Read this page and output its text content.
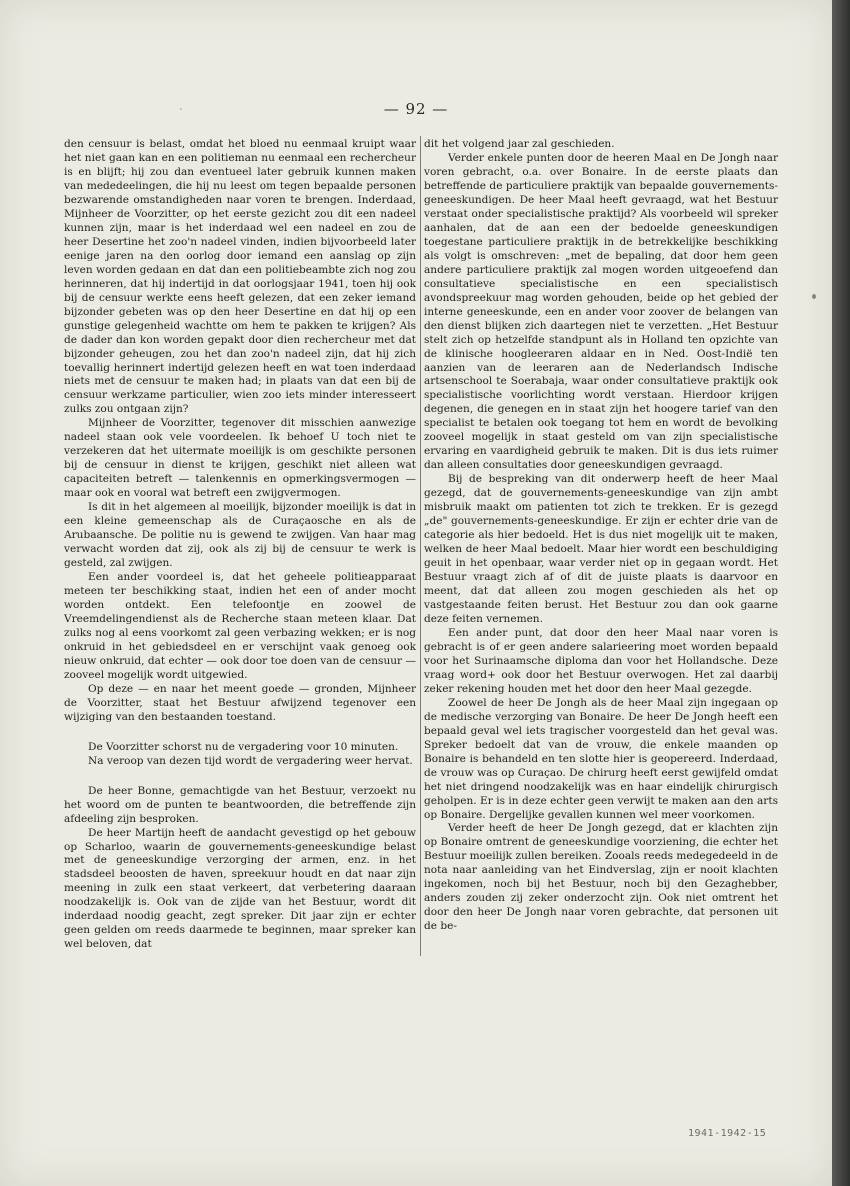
— 92 —

den censuur is belast, omdat het bloed nu eenmaal kruipt waar het niet gaan kan en een politieman nu eenmaal een rechercheur is en blijft; hij zou dan eventueel later gebruik kunnen maken van mededeelingen, die hij nu leest om tegen bepaalde personen bezwarende omstandigheden naar voren te brengen. Inderdaad, Mijnheer de Voorzitter, op het eerste gezicht zou dit een nadeel kunnen zijn, maar is het inderdaad wel een nadeel en zou de heer Desertine het zoo'n nadeel vinden, indien bijvoorbeeld later eenige jaren na den oorlog door iemand een aanslag op zijn leven worden gedaan en dat dan een politiebeambte zich nog zou herinneren, dat hij indertijd in dat oorlogsjaar 1941, toen hij ook bij de censuur werkte eens heeft gelezen, dat een zeker iemand bijzonder gebeten was op den heer Desertine en dat hij op een gunstige gelegenheid wachtte om hem te pakken te krijgen? Als de dader dan kon worden gepakt door dien rechercheur met dat bijzonder geheugen, zou het dan zoo'n nadeel zijn, dat hij zich toevallig herinnert indertijd gelezen heeft en wat toen inderdaad niets met de censuur te maken had; in plaats van dat een bij de censuur werkzame particulier, wien zoo iets minder interesseert zulks zou ontgaan zijn?

Mijnheer de Voorzitter, tegenover dit misschien aanwezige nadeel staan ook vele voordeelen. Ik behoef U toch niet te verzekeren dat het uitermate moeilijk is om geschikte personen bij de censuur in dienst te krijgen, geschikt niet alleen wat capaciteiten betreft — talenkennis en opmerkingsvermogen — maar ook en vooral wat betreft een zwijgvermogen.

Is dit in het algemeen al moeilijk, bijzonder moeilijk is dat in een kleine gemeenschap als de Curaçaosche en als de Arubaansche. De politie nu is gewend te zwijgen. Van haar mag verwacht worden dat zij, ook als zij bij de censuur te werk is gesteld, zal zwijgen.

Een ander voordeel is, dat het geheele politieapparaat meteen ter beschikking staat, indien het een of ander mocht worden ontdekt. Een telefoontje en zoowel de Vreemdelingendienst als de Recherche staan meteen klaar. Dat zulks nog al eens voorkomt zal geen verbazing wekken; er is nog onkruid in het gebiedsdeel en er verschijnt vaak genoeg ook nieuw onkruid, dat echter — ook door toe doen van de censuur — zooveel mogelijk wordt uitgewied.

Op deze — en naar het meent goede — gronden, Mijnheer de Voorzitter, staat het Bestuur afwijzend tegenover een wijziging van den bestaanden toestand.

De Voorzitter schorst nu de vergadering voor 10 minuten.

Na veroop van dezen tijd wordt de vergadering weer hervat.

De heer Bonne, gemachtigde van het Bestuur, verzoekt nu het woord om de punten te beantwoorden, die betreffende zijn afdeeling zijn besproken.

De heer Martijn heeft de aandacht gevestigd op het gebouw op Scharloo, waarin de gouvernements-geneeskundige belast met de geneeskundige verzorging der armen, enz. in het stadsdeel beoosten de haven, spreekuur houdt en dat naar zijn meening in zulk een staat verkeert, dat verbetering daaraan noodzakelijk is. Ook van de zijde van het Bestuur, wordt dit inderdaad noodig geacht, zegt spreker. Dit jaar zijn er echter geen gelden om reeds daarmede te beginnen, maar spreker kan wel beloven, dat

dit het volgend jaar zal geschieden.

Verder enkele punten door de heeren Maal en De Jongh naar voren gebracht, o.a. over Bonaire. In de eerste plaats dan betreffende de particuliere praktijk van bepaalde gouvernements-geneeskundigen. De heer Maal heeft gevraagd, wat het Bestuur verstaat onder specialistische praktijd? Als voorbeeld wil spreker aanhalen, dat de aan een der bedoelde geneeskundigen toegestane particuliere praktijk in de betrekkelijke beschikking als volgt is omschreven: „met de bepaling, dat door hem geen andere particuliere praktijk zal mogen worden uitgeoefend dan consultatieve specialistische en een specialistisch avondspreekuur mag worden gehouden, beide op het gebied der interne geneeskunde, een en ander voor zoover de belangen van den dienst blijken zich daartegen niet te verzetten. „Het Bestuur stelt zich op hetzelfde standpunt als in Holland ten opzichte van de klinische hoogleeraren aldaar en in Ned. Oost-Indië ten aanzien van de leeraren aan de Nederlandsch Indische artsenschool te Soerabaja, waar onder consultatieve praktijk ook specialistische voorlichting wordt verstaan. Hierdoor krijgen degenen, die genegen en in staat zijn het hoogere tarief van den specialist te betalen ook toegang tot hem en wordt de bevolking zooveel mogelijk in staat gesteld om van zijn specialistische ervaring en vaardigheid gebruik te maken. Dit is dus iets ruimer dan alleen consultaties door geneeskundigen gevraagd.

Bij de bespreking van dit onderwerp heeft de heer Maal gezegd, dat de gouvernements-geneeskundige van zijn ambt misbruik maakt om patienten tot zich te trekken. Er is gezegd „de" gouvernements-geneeskundige. Er zijn er echter drie van de categorie als hier bedoeld. Het is dus niet mogelijk uit te maken, welken de heer Maal bedoelt. Maar hier wordt een beschuldiging geuit in het openbaar, waar verder niet op in gegaan wordt. Het Bestuur vraagt zich af of dit de juiste plaats is daarvoor en meent, dat dat alleen zou mogen geschieden als het op vastgestaande feiten berust. Het Bestuur zou dan ook gaarne deze feiten vernemen.

Een ander punt, dat door den heer Maal naar voren is gebracht is of er geen andere salarieering moet worden bepaald voor het Surinaamsche diploma dan voor het Hollandsche. Deze vraag word+ ook door het Bestuur overwogen. Het zal daarbij zeker rekening houden met het door den heer Maal gezegde.

Zoowel de heer De Jongh als de heer Maal zijn ingegaan op de medische verzorging van Bonaire. De heer De Jongh heeft een bepaald geval wel iets tragischer voorgesteld dan het geval was. Spreker bedoelt dat van de vrouw, die enkele maanden op Bonaire is behandeld en ten slotte hier is geopereerd. Inderdaad, de vrouw was op Curaçao. De chirurg heeft eerst gewijfeld omdat het niet dringend noodzakelijk was en haar eindelijk chirurgisch geholpen. Er is in deze echter geen verwijt te maken aan den arts op Bonaire. Dergelijke gevallen kunnen wel meer voorkomen.

Verder heeft de heer De Jongh gezegd, dat er klachten zijn op Bonaire omtrent de geneeskundige voorziening, die echter het Bestuur moeilijk zullen bereiken. Zooals reeds medegedeeld in de nota naar aanleiding van het Eindverslag, zijn er nooit klachten ingekomen, noch bij het Bestuur, noch bij den Gezaghebber, anders zouden zij zeker onderzocht zijn. Ook niet omtrent het door den heer De Jongh naar voren gebrachte, dat personen uit de be-

1941-1942-15
